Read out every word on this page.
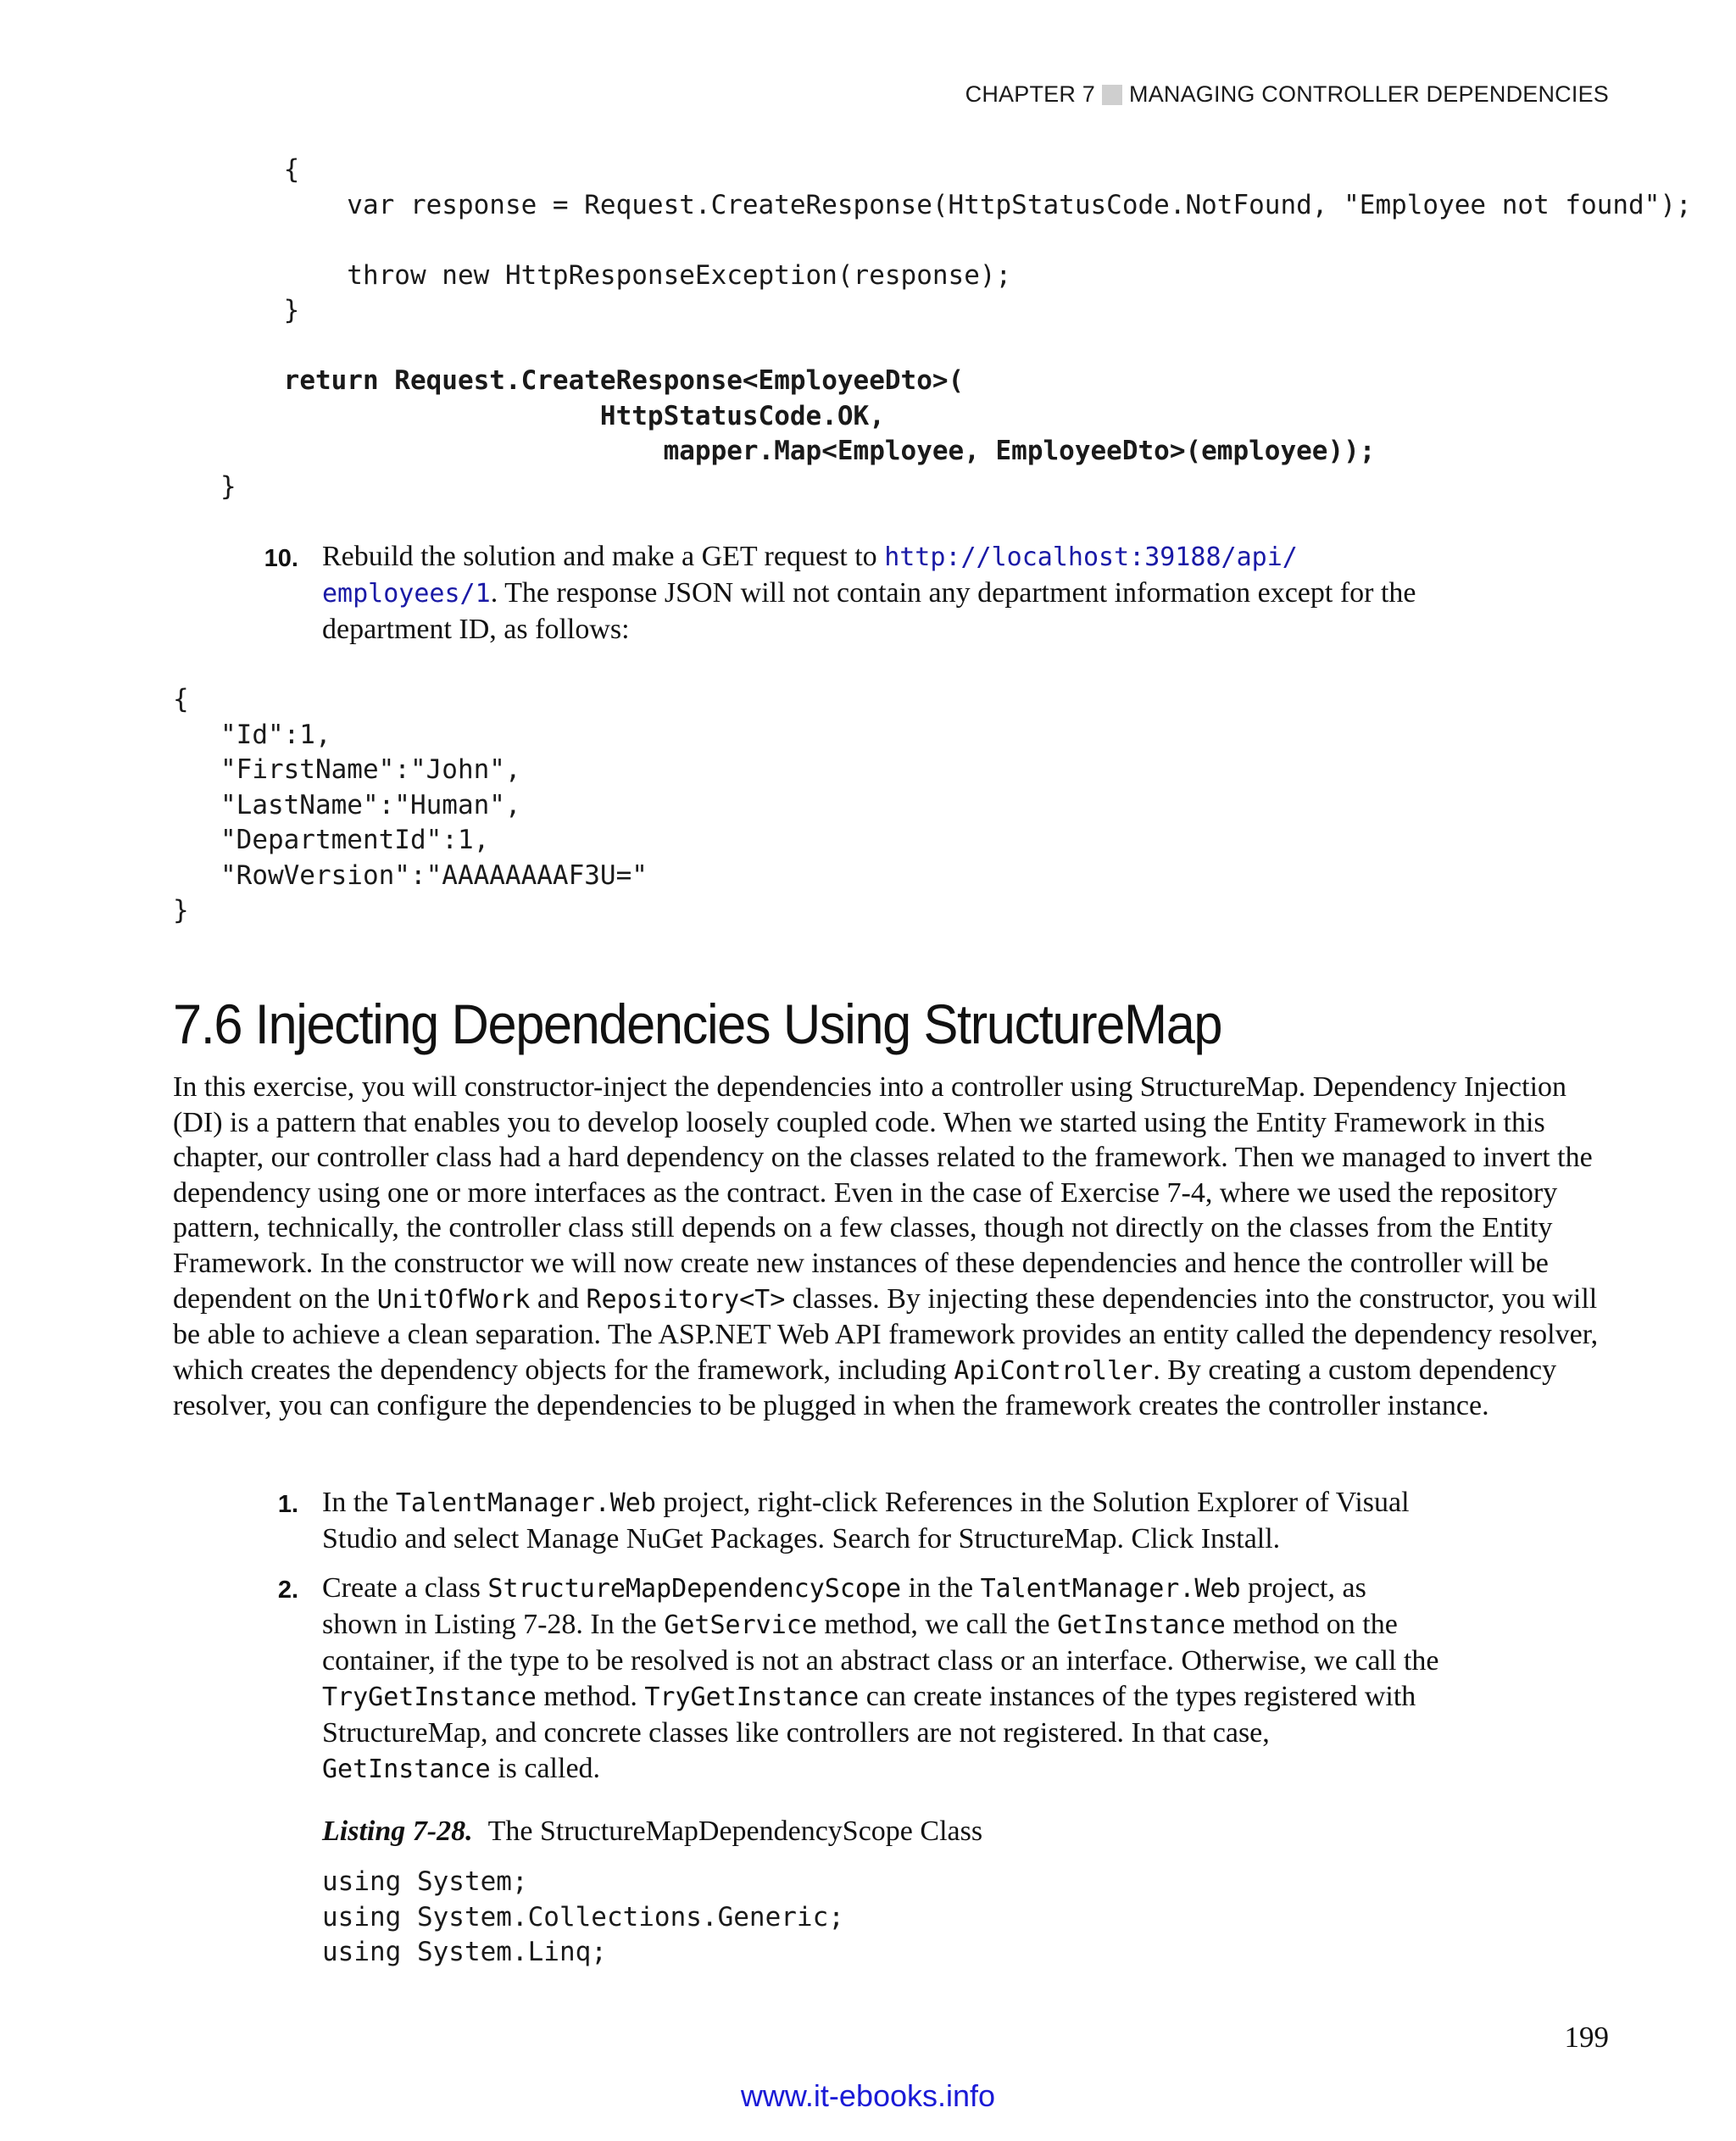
CHAPTER 7 MANAGING CONTROLLER DEPENDENCIES
{
var response = Request.CreateResponse(HttpStatusCode.NotFound, "Employee not found");

throw new HttpResponseException(response);
}

return Request.CreateResponse<EmployeeDto>(
HttpStatusCode.OK,
mapper.Map<Employee, EmployeeDto>(employee));
}
10. Rebuild the solution and make a GET request to http://localhost:39188/api/
employees/1. The response JSON will not contain any department information except for the department ID, as follows:

{
"Id":1,
"FirstName":"John",
"LastName":"Human",
"DepartmentId":1,
"RowVersion":"AAAAAAAAF3U="
}
7.6 Injecting Dependencies Using StructureMap

In this exercise, you will constructor-inject the dependencies into a controller using StructureMap. Dependency Injection (DI) is a pattern that enables you to develop loosely coupled code. When we started using the Entity Framework in this chapter, our controller class had a hard dependency on the classes related to the framework. Then we managed to invert the dependency using one or more interfaces as the contract. Even in the case of Exercise 7-4, where we used the repository pattern, technically, the controller class still depends on a few classes, though not directly on the classes from the Entity Framework. In the constructor we will now create new instances of these dependencies and hence the controller will be dependent on the UnitOfWork and Repository<T> classes. By injecting these dependencies into the constructor, you will be able to achieve a clean separation. The ASP.NET Web API framework provides an entity called the dependency resolver, which creates the dependency objects for the framework, including ApiController. By creating a custom dependency resolver, you can configure the dependencies to be plugged in when the framework creates the controller instance.

1. In the TalentManager.Web project, right-click References in the Solution Explorer of Visual Studio and select Manage NuGet Packages. Search for StructureMap. Click Install.

2. Create a class StructureMapDependencyScope in the TalentManager.Web project, as shown in Listing 7-28. In the GetService method, we call the GetInstance method on the container, if the type to be resolved is not an abstract class or an interface. Otherwise, we call the TryGetInstance method. TryGetInstance can create instances of the types registered with StructureMap, and concrete classes like controllers are not registered. In that case, GetInstance is called.

Listing 7-28. The StructureMapDependencyScope Class
using System;
using System.Collections.Generic;
using System.Linq;
199
www.it-ebooks.info
